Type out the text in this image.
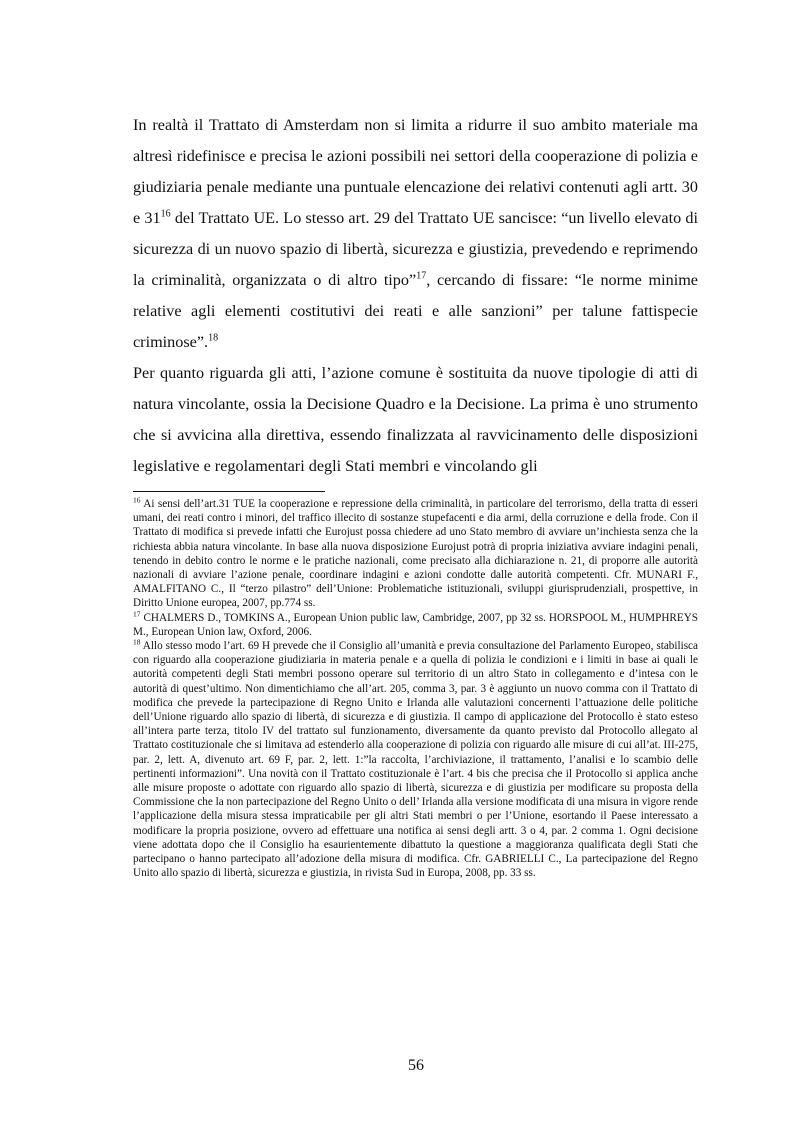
In realtà il Trattato di Amsterdam non si limita a ridurre il suo ambito materiale ma altresì ridefinisce e precisa le azioni possibili nei settori della cooperazione di polizia e giudiziaria penale mediante una puntuale elencazione dei relativi contenuti agli artt. 30 e $31^{16}$ del Trattato UE. Lo stesso art. 29 del Trattato UE sancisce: “un livello elevato di sicurezza di un nuovo spazio di libertà, sicurezza e giustizia, prevedendo e reprimendo la criminalità, organizzata o di altro tipo”$^{17}$, cercando di fissare: “le norme minime relative agli elementi costitutivi dei reati e alle sanzioni” per talune fattispecie criminose”.$^{18}$

Per quanto riguarda gli atti, l’azione comune è sostituita da nuove tipologie di atti di natura vincolante, ossia la Decisione Quadro e la Decisione. La prima è uno strumento che si avvicina alla direttiva, essendo finalizzata al ravvicinamento delle disposizioni legislative e regolamentari degli Stati membri e vincolando gli

$^{16}$ Ai sensi dell’art.31 TUE la cooperazione e repressione della criminalità, in particolare del terrorismo, della tratta di esseri umani, dei reati contro i minori, del traffico illecito di sostanze stupefacenti e dia armi, della corruzione e della frode. Con il Trattato di modifica si prevede infatti che Eurojust possa chiedere ad uno Stato membro di avviare un’inchiesta senza che la richiesta abbia natura vincolante. In base alla nuova disposizione Eurojust potrà di propria iniziativa avviare indagini penali, tenendo in debito contro le norme e le pratiche nazionali, come precisato alla dichiarazione n. 21, di proporre alle autorità nazionali di avviare l’azione penale, coordinare indagini e azioni condotte dalle autorità competenti. Cfr. MUNARI F., AMALFITANO C., Il “terzo pilastro” dell’Unione: Problematiche istituzionali, sviluppi giurisprudenziali, prospettive, in Diritto Unione europea, 2007, pp.774 ss.

$^{17}$ CHALMERS D., TOMKINS A., European Union public law, Cambridge, 2007, pp 32 ss. HORSPOOL M., HUMPHREYS M., European Union law, Oxford, 2006.

$^{18}$ Allo stesso modo l’art. 69 H prevede che il Consiglio all’umanità e previa consultazione del Parlamento Europeo, stabilisca con riguardo alla cooperazione giudiziaria in materia penale e a quella di polizia le condizioni e i limiti in base ai quali le autorità competenti degli Stati membri possono operare sul territorio di un altro Stato in collegamento e d’intesa con le autorità di quest’ultimo. Non dimentichiamo che all’art. 205, comma 3, par. 3 è aggiunto un nuovo comma con il Trattato di modifica che prevede la partecipazione di Regno Unito e Irlanda alle valutazioni concernenti l’attuazione delle politiche dell’Unione riguardo allo spazio di libertà, di sicurezza e di giustizia. Il campo di applicazione del Protocollo è stato esteso all’intera parte terza, titolo IV del trattato sul funzionamento, diversamente da quanto previsto dal Protocollo allegato al Trattato costituzionale che si limitava ad estenderlo alla cooperazione di polizia con riguardo alle misure di cui all’at. III-275, par. 2, lett. A, divenuto art. 69 F, par. 2, lett. 1:”la raccolta, l’archiviazione, il trattamento, l’analisi e lo scambio delle pertinenti informazioni”. Una novità con il Trattato costituzionale è l’art. 4 bis che precisa che il Protocollo si applica anche alle misure proposte o adottate con riguardo allo spazio di libertà, sicurezza e di giustizia per modificare su proposta della Commissione che la non partecipazione del Regno Unito o dell’ Irlanda alla versione modificata di una misura in vigore rende l’applicazione della misura stessa impraticabile per gli altri Stati membri o per l’Unione, esortando il Paese interessato a modificare la propria posizione, ovvero ad effettuare una notifica ai sensi degli artt. 3 o 4, par. 2 comma 1. Ogni decisione viene adottata dopo che il Consiglio ha esaurientemente dibattuto la questione a maggioranza qualificata degli Stati che partecipano o hanno partecipato all’adozione della misura di modifica. Cfr. GABRIELLI C., La partecipazione del Regno Unito allo spazio di libertà, sicurezza e giustizia, in rivista Sud in Europa, 2008, pp. 33 ss.

56
